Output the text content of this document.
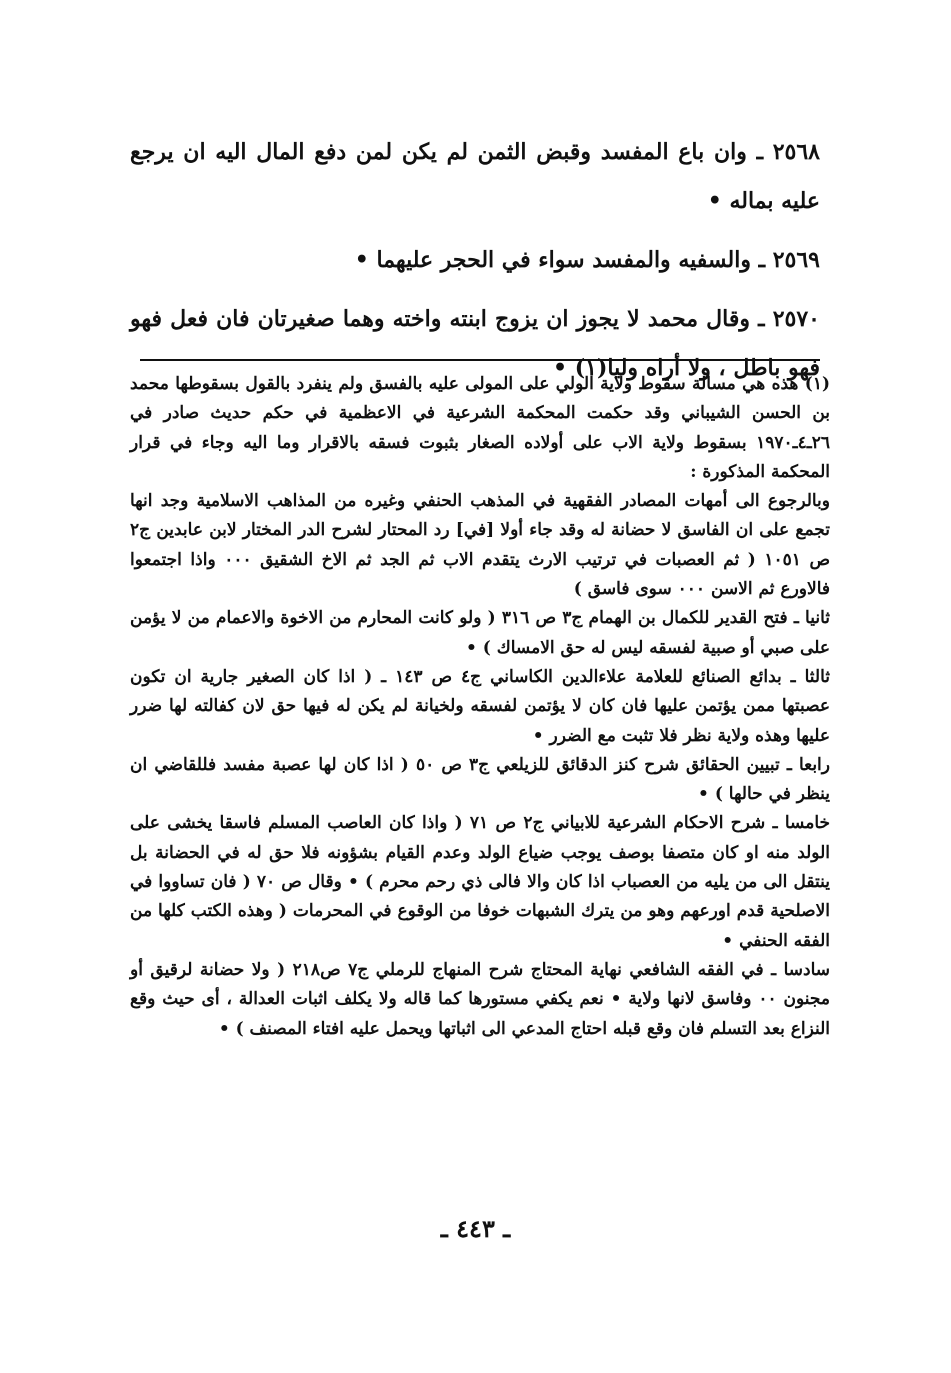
٢٥٦٨ ـ وان باع المفسد وقبض الثمن لم يكن لمن دفع المال اليه ان يرجع عليه بماله •

٢٥٦٩ ـ والسفيه والمفسد سواء في الحجر عليهما •

٢٥٧٠ ـ وقال محمد لا يجوز ان يزوج ابنته واخته وهما صغيرتان فان فعل فهو فهو باطل ، ولا أراه وليا(١) •

(١) هذه هي مسالة سقوط ولاية الولي على المولى عليه بالفسق ولم ينفرد بالقول بسقوطها محمد بن الحسن الشيباني وقد حكمت المحكمة الشرعية في الاعظمية في حكم حديث صادر في ٢٦ـ٤ـ١٩٧٠ بسقوط ولاية الاب على أولاده الصغار بثبوت فسقه بالاقرار وما اليه وجاء في قرار المحكمة المذكورة :

وبالرجوع الى أمهات المصادر الفقهية في المذهب الحنفي وغيره من المذاهب الاسلامية وجد انها تجمع على ان الفاسق لا حضانة له وقد جاء أولا [في] رد المحتار لشرح الدر المختار لابن عابدين ج٢ ص ١٠٥١ ( ثم العصبات في ترتيب الارث يتقدم الاب ثم الجد ثم الاخ الشقيق ٠٠٠ واذا اجتمعوا فالاورع ثم الاسن ٠٠٠ سوى فاسق )

ثانيا ـ فتح القدير للكمال بن الهمام ج٣ ص ٣١٦ ( ولو كانت المحارم من الاخوة والاعمام من لا يؤمن على صبي أو صبية لفسقه ليس له حق الامساك ) •

ثالثا ـ بدائع الصنائع للعلامة علاءالدين الكاساني ج٤ ص ١٤٣ ـ ( اذا كان الصغير جارية ان تكون عصبتها ممن يؤتمن عليها فان كان لا يؤتمن لفسقه ولخيانة لم يكن له فيها حق لان كفالته لها ضرر عليها وهذه ولاية نظر فلا تثبت مع الضرر •

رابعا ـ تبيين الحقائق شرح كنز الدقائق للزيلعي ج٣ ص ٥٠ ( اذا كان لها عصبة مفسد فللقاضي ان ينظر في حالها ) •

خامسا ـ شرح الاحكام الشرعية للابياني ج٢ ص ٧١ ( واذا كان العاصب المسلم فاسقا يخشى على الولد منه او كان متصفا بوصف يوجب ضياع الولد وعدم القيام بشؤونه فلا حق له في الحضانة بل ينتقل الى من يليه من العصباب اذا كان والا فالى ذي رحم محرم ) • وقال ص ٧٠ ( فان تساووا في الاصلحية قدم اورعهم وهو من يترك الشبهات خوفا من الوقوع في المحرمات ( وهذه الكتب كلها من الفقه الحنفي •

سادسا ـ في الفقه الشافعي نهاية المحتاج شرح المنهاج للرملي ج٧ ص٢١٨ ( ولا حضانة لرقيق أو مجنون ٠٠ وفاسق لانها ولاية • نعم يكفي مستورها كما قاله ولا يكلف اثبات العدالة ، أى حيث وقع النزاع بعد التسلم فان وقع قبله احتاج المدعي الى اثباتها ويحمل عليه افتاء المصنف ) •

ـ ٤٤٣ ـ
